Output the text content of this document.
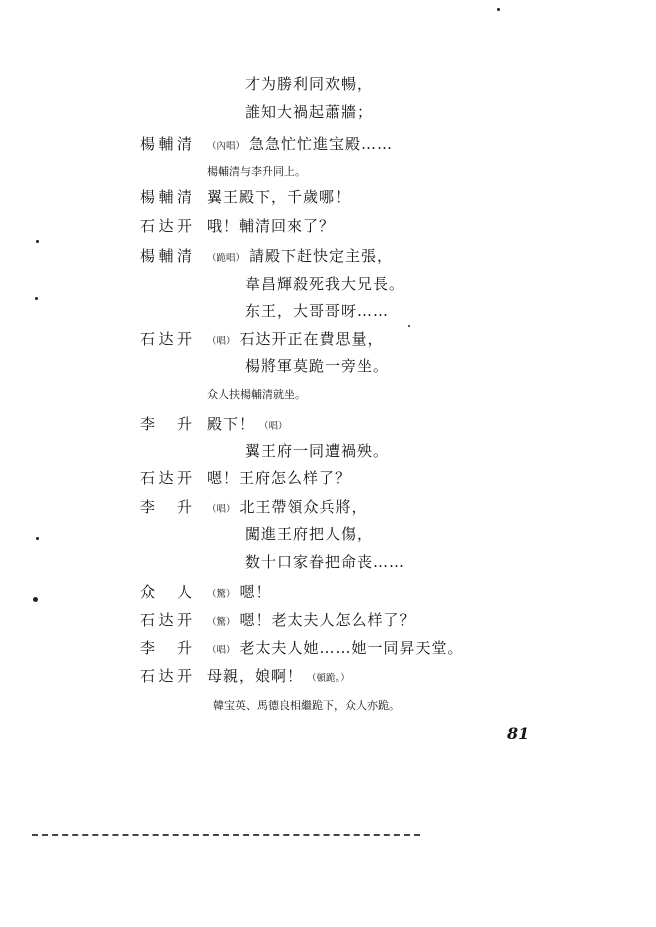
才为勝利同欢暢，
誰知大禍起蕭牆；
楊輔清 （內唱） 急急忙忙進宝殿……
楊輔清与李升同上。
楊輔清 翼王殿下，千歲哪！
石达开 哦！輔清回來了？
楊輔清 （跪唱） 請殿下赶快定主張，
韋昌輝殺死我大兄長。
东王，大哥哥呀……
石达开 （唱） 石达开正在費思量，
楊將軍莫跪一旁坐。
众人扶楊輔清就坐。
李升 殿下！ （唱）
翼王府一同遭禍殃。
石达开 嗯！王府怎么样了？
李升 （唱） 北王帶領众兵將，
闖進王府把人傷，
数十口家眷把命丧……
众人 （驚） 嗯！
石达开 （驚） 嗯！老太夫人怎么样了？
李升 （唱） 老太夫人她……她一同昇天堂。
石达开 母親，娘啊！ （頓跪。）
韓宝英、馬德良相繼跪下，众人亦跪。
81
